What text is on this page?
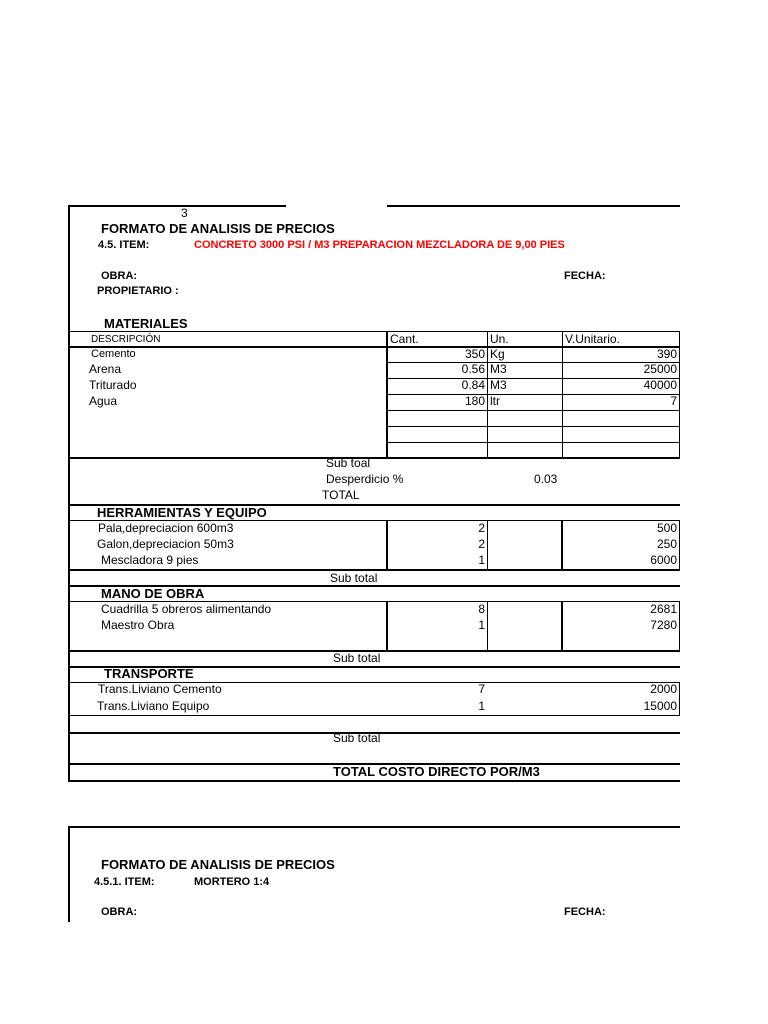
3
FORMATO DE ANALISIS DE PRECIOS
4.5. ITEM:	CONCRETO 3000 PSI / M3 PREPARACION MEZCLADORA DE 9,00 PIES
OBRA:	FECHA:
PROPIETARIO :
MATERIALES
DESCRIPCIÓN	Cant.	Un.	V.Unitario.
Cemento	350 Kg	390
Arena	0.56 M3	25000
Triturado	0.84 M3	40000
Agua	180 ltr	7
Sub toal
Desperdicio %	0.03
TOTAL
HERRAMIENTAS Y EQUIPO
Pala,depreciacion 600m3	2	500
Galon,depreciacion 50m3	2	250
Mescladora 9 pies	1	6000
Sub total
MANO DE OBRA
Cuadrilla 5 obreros alimentando	8	2681
Maestro Obra	1	7280
Sub total
TRANSPORTE
Trans.Liviano Cemento	7	2000
Trans.Liviano Equipo	1	15000
Sub total
TOTAL COSTO DIRECTO POR/M3
FORMATO DE ANALISIS DE PRECIOS
4.5.1. ITEM:	MORTERO 1:4
OBRA:	FECHA:
